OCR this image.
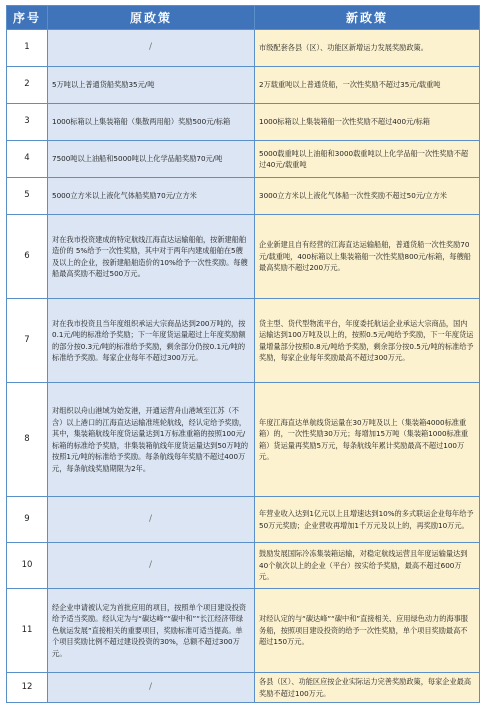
序号	原政策	新政策
1	/	市级配套各县（区）、功能区新增运力发展奖励政策。
2	5万吨以上普通货船奖励35元/吨	2万载重吨以上普通货船，一次性奖励不超过35元/载重吨
3	1000标箱以上集装箱船（集散两用船）奖励500元/标箱	1000标箱以上集装箱船一次性奖励不超过400元/标箱
4	7500吨以上油船和5000吨以上化学品船奖励70元/吨	5000载重吨以上油船和3000载重吨以上化学品船一次性奖励不超过40元/载重吨
5	5000立方米以上液化气体船奖励70元/立方米	3000立方米以上液化气体船一次性奖励不超过50元/立方米
6	对在我市投资建成的特定航线江海直达运输船舶，按新建船舶造价的 5%给予一次性奖励，其中对于两年内建成船舶在5艘及以上的企业，按新建船舶造价的10%给予一次性奖励。每艘船最高奖励不超过500万元。	企业新建且自有经营的江海直达运输船舶，普通货船一次性奖励70元/载重吨，400标箱以上集装箱船一次性奖励800元/标箱，每艘船最高奖励不超过200万元。
7	对在我市投资且当年度组织承运大宗商品达到200万吨的，按0.1元/吨的标准给予奖励；下一年度货运量超过上年度奖励额的部分按0.3元/吨的标准给予奖励，剩余部分仍按0.1元/吨的标准给予奖励。每家企业每年不超过300万元。	货主型、货代型物流平台，年度委托航运企业承运大宗商品，国内运输达到100万吨及以上的，按照0.5元/吨给予奖励，下一年度货运量增量部分按照0.8元/吨给予奖励，剩余部分按0.5元/吨的标准给予奖励，每家企业每年奖励最高不超过300万元。
8	对组织以舟山港域为始发港，开通运营舟山港域至江苏（不含）以上港口的江海直达运输准班轮航线，经认定给予奖励，其中，集装箱航线年度货运量达到1万标准重箱的按照100元/标箱的标准给予奖励，非集装箱航线年度货运量达到50万吨的按照1元/吨的标准给予奖励。每条航线每年奖励不超过400万元，每条航线奖励期限为2年。	年度江海直达单航线货运量在30万吨及以上（集装箱4000标准重箱）的，一次性奖励30万元；每增加15万吨（集装箱1000标准重箱）货运量再奖励5万元，每条航线年累计奖励最高不超过100万元。
9	/	年营业收入达到1亿元以上且增速达到10%的多式联运企业每年给予50万元奖励；企业营收再增加1千万元及以上的，再奖励10万元。
10	/	鼓励发展国际冷冻集装箱运输，对稳定航线运营且年度运输量达到40个航次以上的企业（平台）按实给予奖励，最高不超过600万元。
11	经企业申请被认定为首批应用的项目，按照单个项目建设投资给予适当奖励。经认定为与“碳达峰”“碳中和”“长江经济带绿色航运发展”直接相关的重要项目，奖励标准可适当提高。单个项目奖励比例不超过建设投资的30%，总额不超过300万元。	对经认定的与“碳达峰”“碳中和”直接相关、应用绿色动力的海事服务船，按照项目建设投资的给予一次性奖励，单个项目奖励最高不超过150万元。
12	/	各县（区）、功能区应按企业实际运力完善奖励政策，每家企业最高奖励不超过100万元。
